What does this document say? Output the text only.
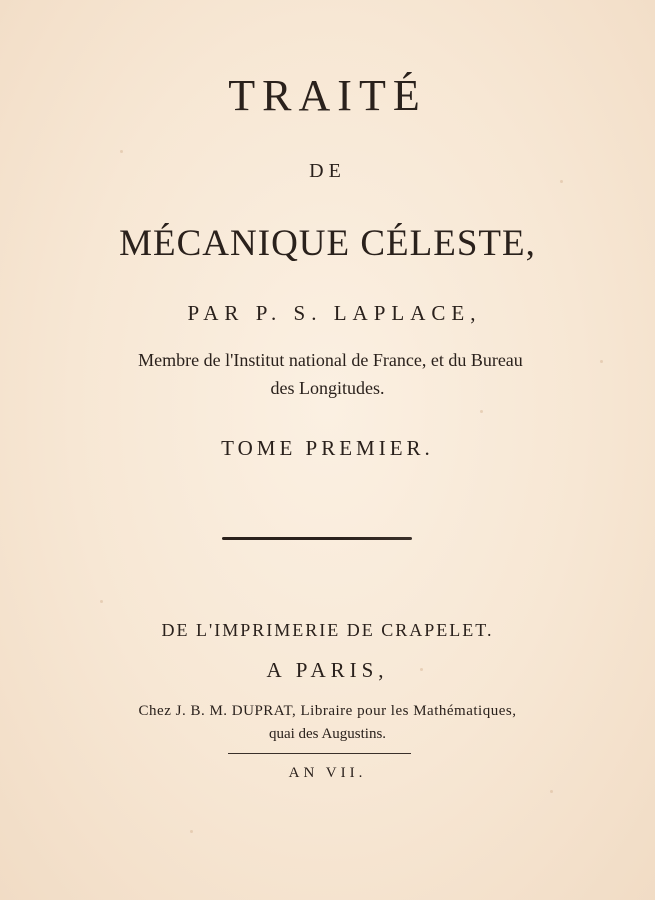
TRAITÉ
DE
MÉCANIQUE CÉLESTE,
PAR P. S. LAPLACE,
Membre de l'Institut national de France, et du Bureau
des Longitudes.
TOME PREMIER.
DE L'IMPRIMERIE DE CRAPELET.
A PARIS,
Chez J. B. M. DUPRAT, Libraire pour les Mathématiques,
quai des Augustins.
AN VII.
